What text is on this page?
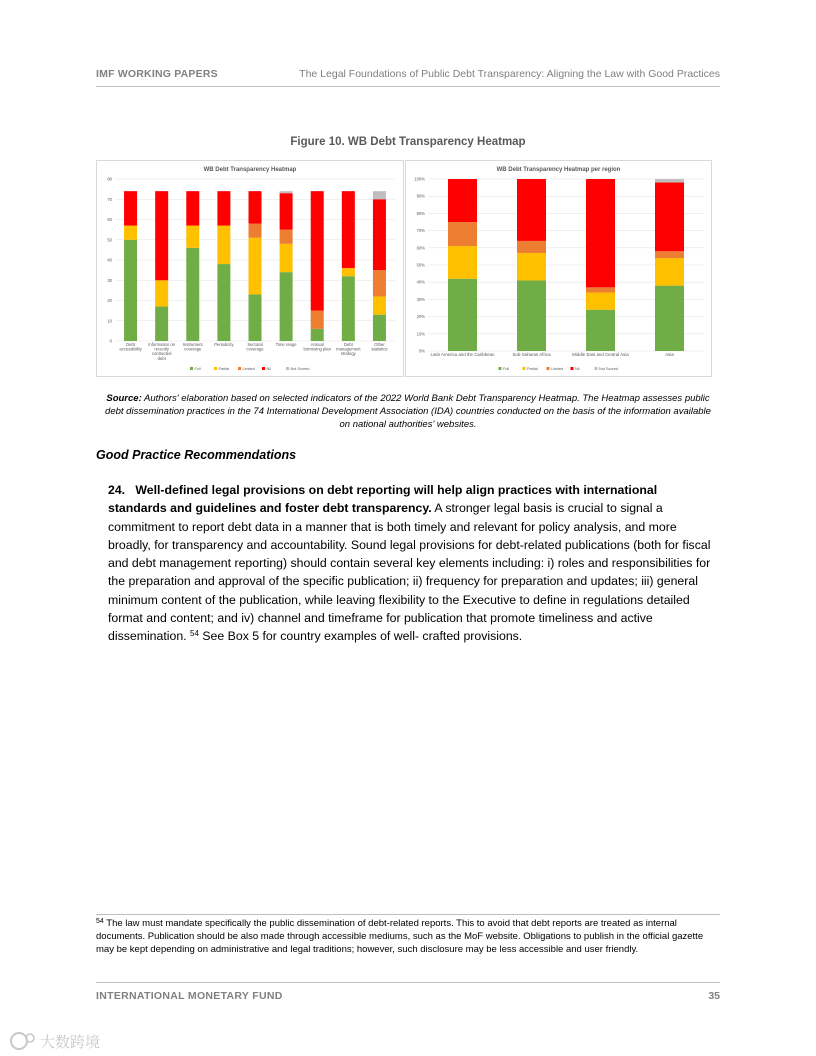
IMF WORKING PAPERS	The Legal Foundations of Public Debt Transparency: Aligning the Law with Good Practices
Figure 10. WB Debt Transparency Heatmap
WB Debt Transparency Heatmap
0
10
20
30
40
50
60
70
80
Debt accessibility
Information on recently contracted debt
Instrument coverage
Periodicity	Sectoral coverage
Time range	Annual borrowing plan
Debt management strategy
Other statistics
Full	Partial	Limited	Nil	Not Scored
WB Debt Transparency Heatmap per region
0%
10%
20%
30%
40%
50%
60%
70%
80%
90%
100%
Latin America and the Caribbean	Sub-Saharan Africa	Middle East and Central Asia	Asia
Full	Partial	Limited	Nil	Not Scored
Source: Authors' elaboration based on selected indicators of the 2022 World Bank Debt Transparency Heatmap. The Heatmap assesses public debt dissemination practices in the 74 International Development Association (IDA) countries conducted on the basis of the information available on national authorities' websites.
Good Practice Recommendations
24. Well-defined legal provisions on debt reporting will help align practices with international standards and guidelines and foster debt transparency. A stronger legal basis is crucial to signal a commitment to report debt data in a manner that is both timely and relevant for policy analysis, and more broadly, for transparency and accountability. Sound legal provisions for debt-related publications (both for fiscal and debt management reporting) should contain several key elements including: i) roles and responsibilities for the preparation and approval of the specific publication; ii) frequency for preparation and updates; iii) general minimum content of the publication, while leaving flexibility to the Executive to define in regulations detailed format and content; and iv) channel and timeframe for publication that promote timeliness and active dissemination. $^{54}$ See Box 5 for country examples of well- crafted provisions.
$^{54}$ The law must mandate specifically the public dissemination of debt-related reports. This to avoid that debt reports are treated as internal documents. Publication should be also made through accessible mediums, such as the MoF website. Obligations to publish in the official gazette may be kept depending on administrative and legal traditions; however, such disclosure may be less accessible and user friendly.
INTERNATIONAL MONETARY FUND	35
大数跨境
